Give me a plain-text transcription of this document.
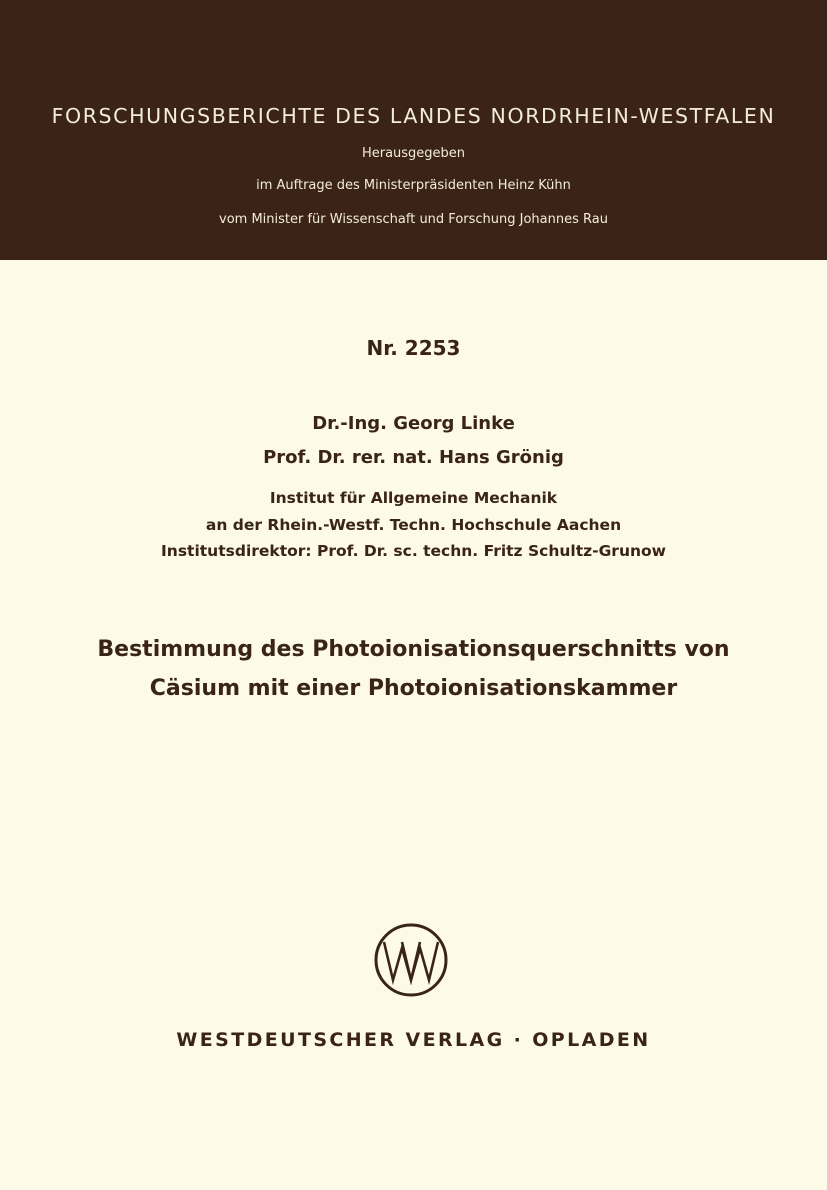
FORSCHUNGSBERICHTE DES LANDES NORDRHEIN-WESTFALEN
Herausgegeben
im Auftrage des Ministerpräsidenten Heinz Kühn
vom Minister für Wissenschaft und Forschung Johannes Rau
Nr. 2253
Dr.-Ing. Georg Linke
Prof. Dr. rer. nat. Hans Grönig
Institut für Allgemeine Mechanik
an der Rhein.-Westf. Techn. Hochschule Aachen
Institutsdirektor: Prof. Dr. sc. techn. Fritz Schultz-Grunow
Bestimmung des Photoionisationsquerschnitts von
Cäsium mit einer Photoionisationskammer
WESTDEUTSCHER VERLAG · OPLADEN
